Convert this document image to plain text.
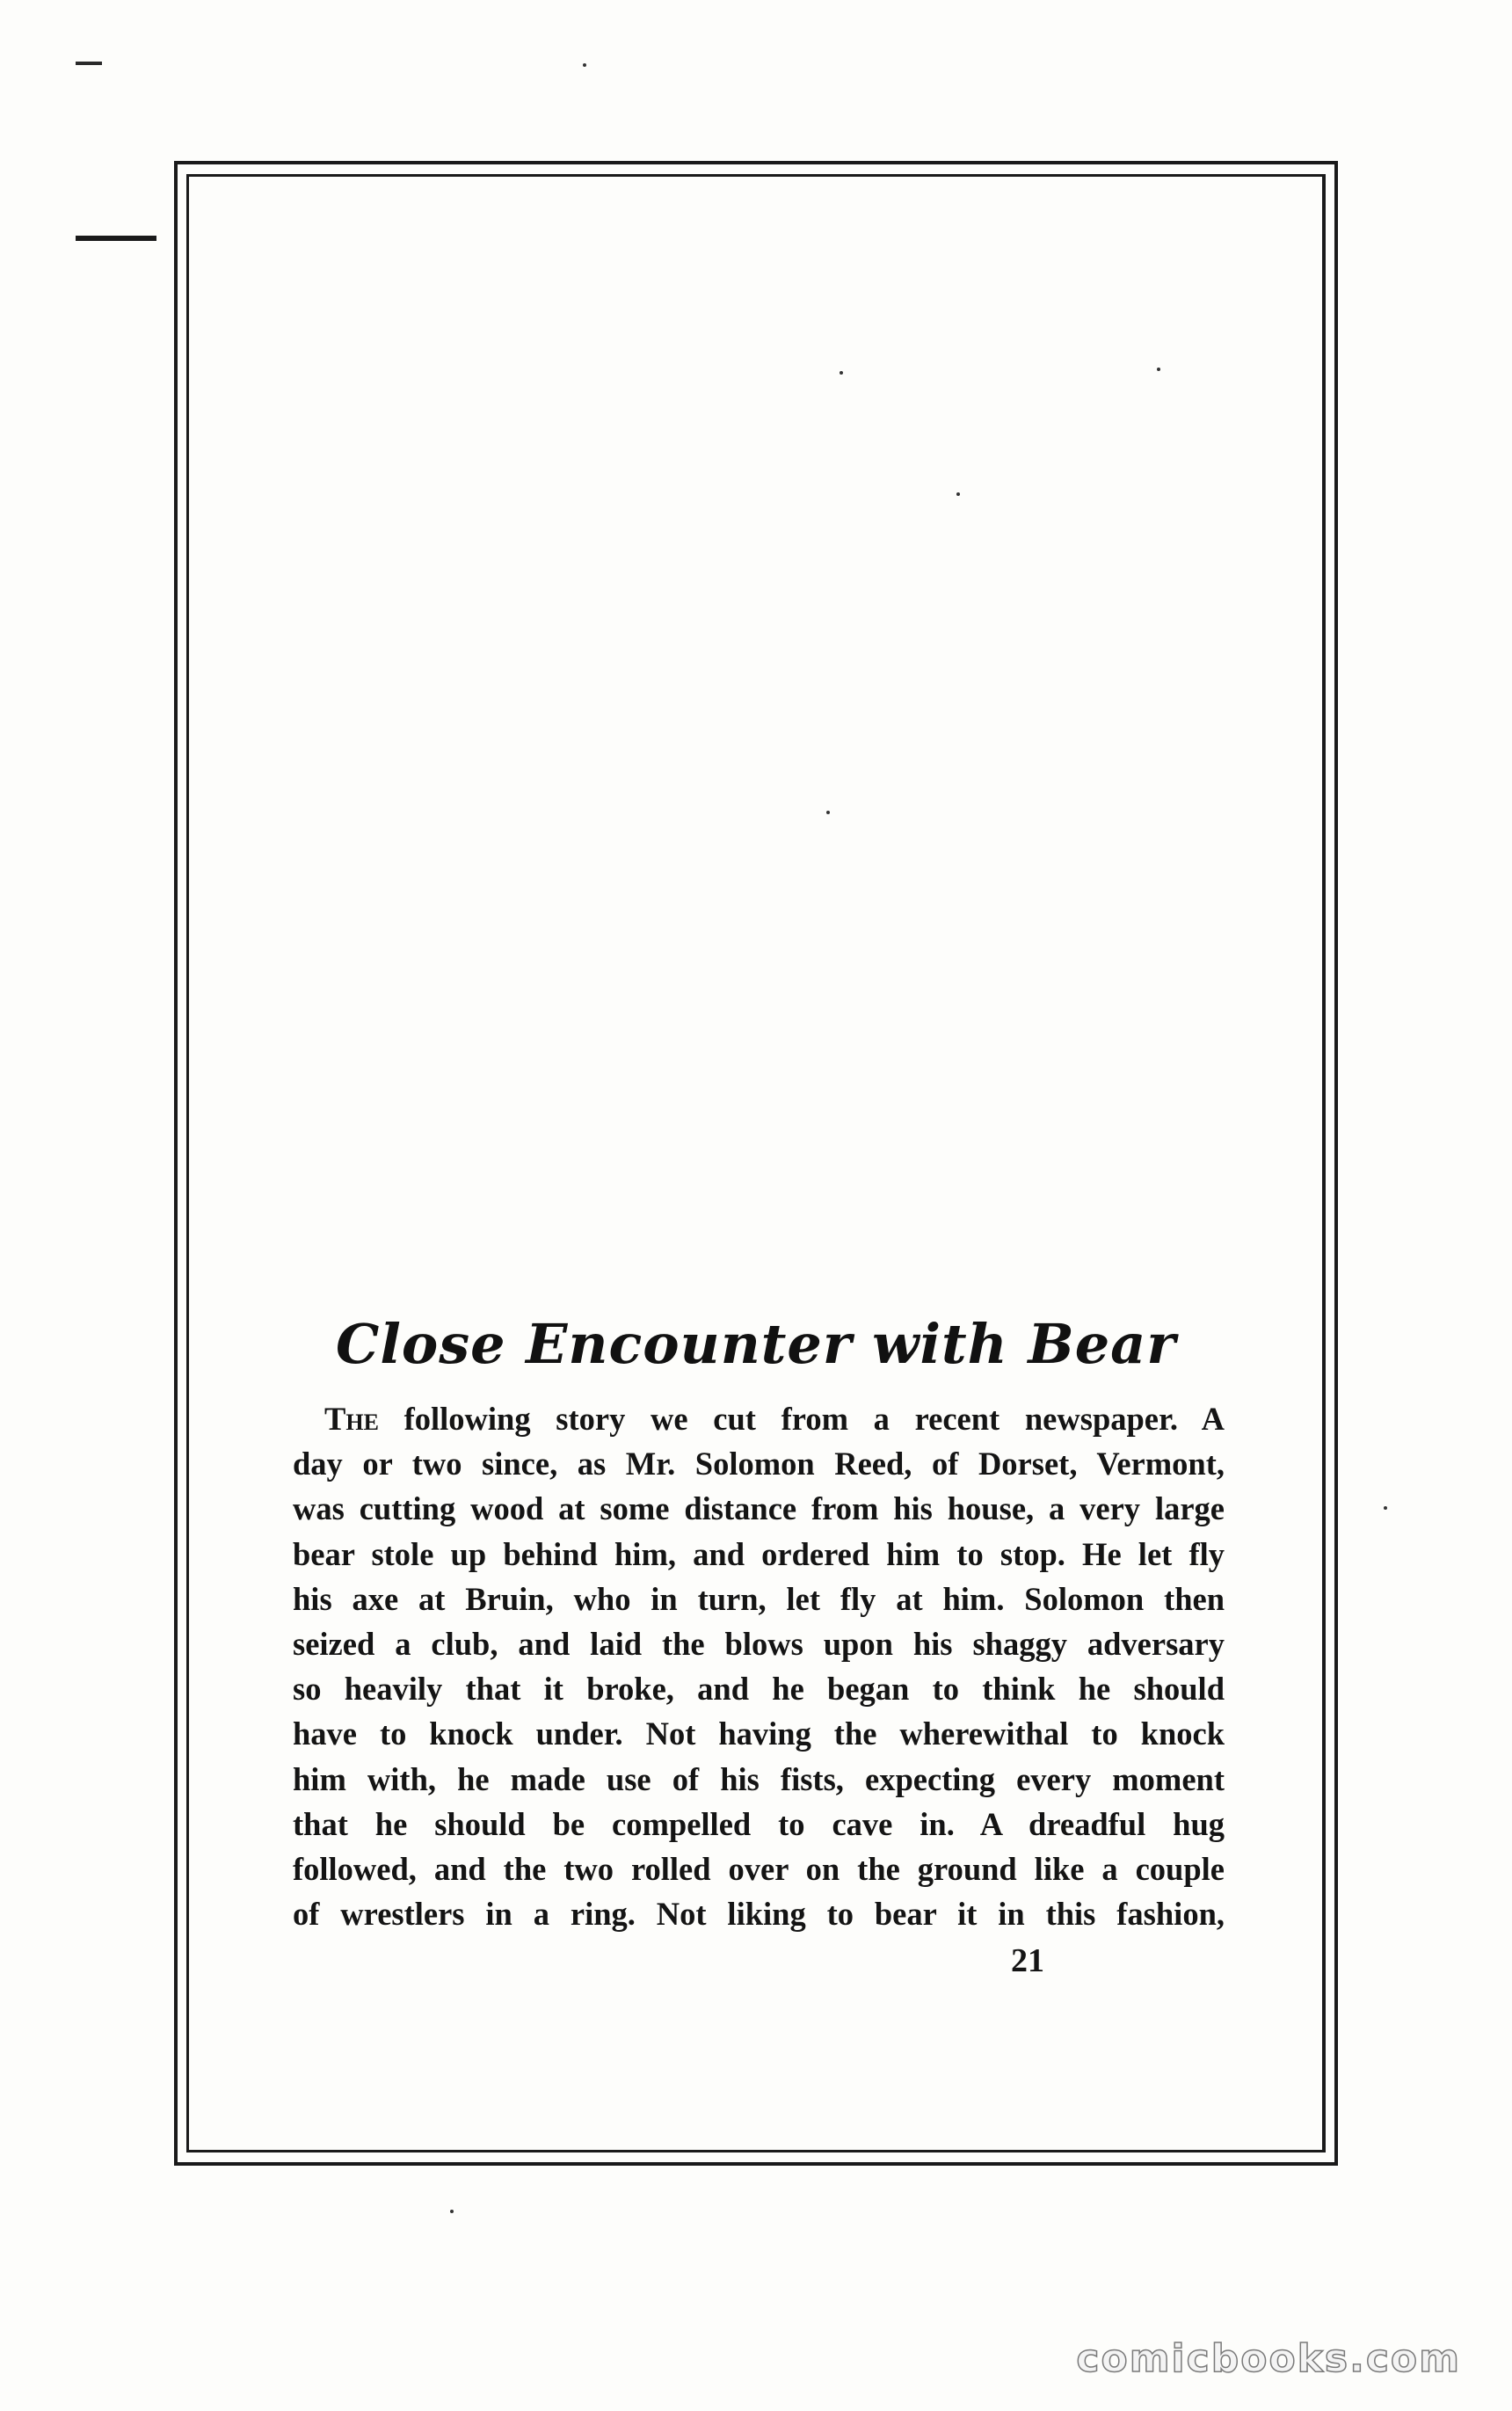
Close Encounter with Bear
The following story we cut from a recent newspaper. A
day or two since, as Mr. Solomon Reed, of Dorset, Vermont,
was cutting wood at some distance from his house, a very large
bear stole up behind him, and ordered him to stop. He let fly
his axe at Bruin, who in turn, let fly at him. Solomon then
seized a club, and laid the blows upon his shaggy adversary
so heavily that it broke, and he began to think he should
have to knock under. Not having the wherewithal to knock
him with, he made use of his fists, expecting every moment
that he should be compelled to cave in. A dreadful hug
followed, and the two rolled over on the ground like a couple
of wrestlers in a ring. Not liking to bear it in this fashion,
21
comicbooks.com
